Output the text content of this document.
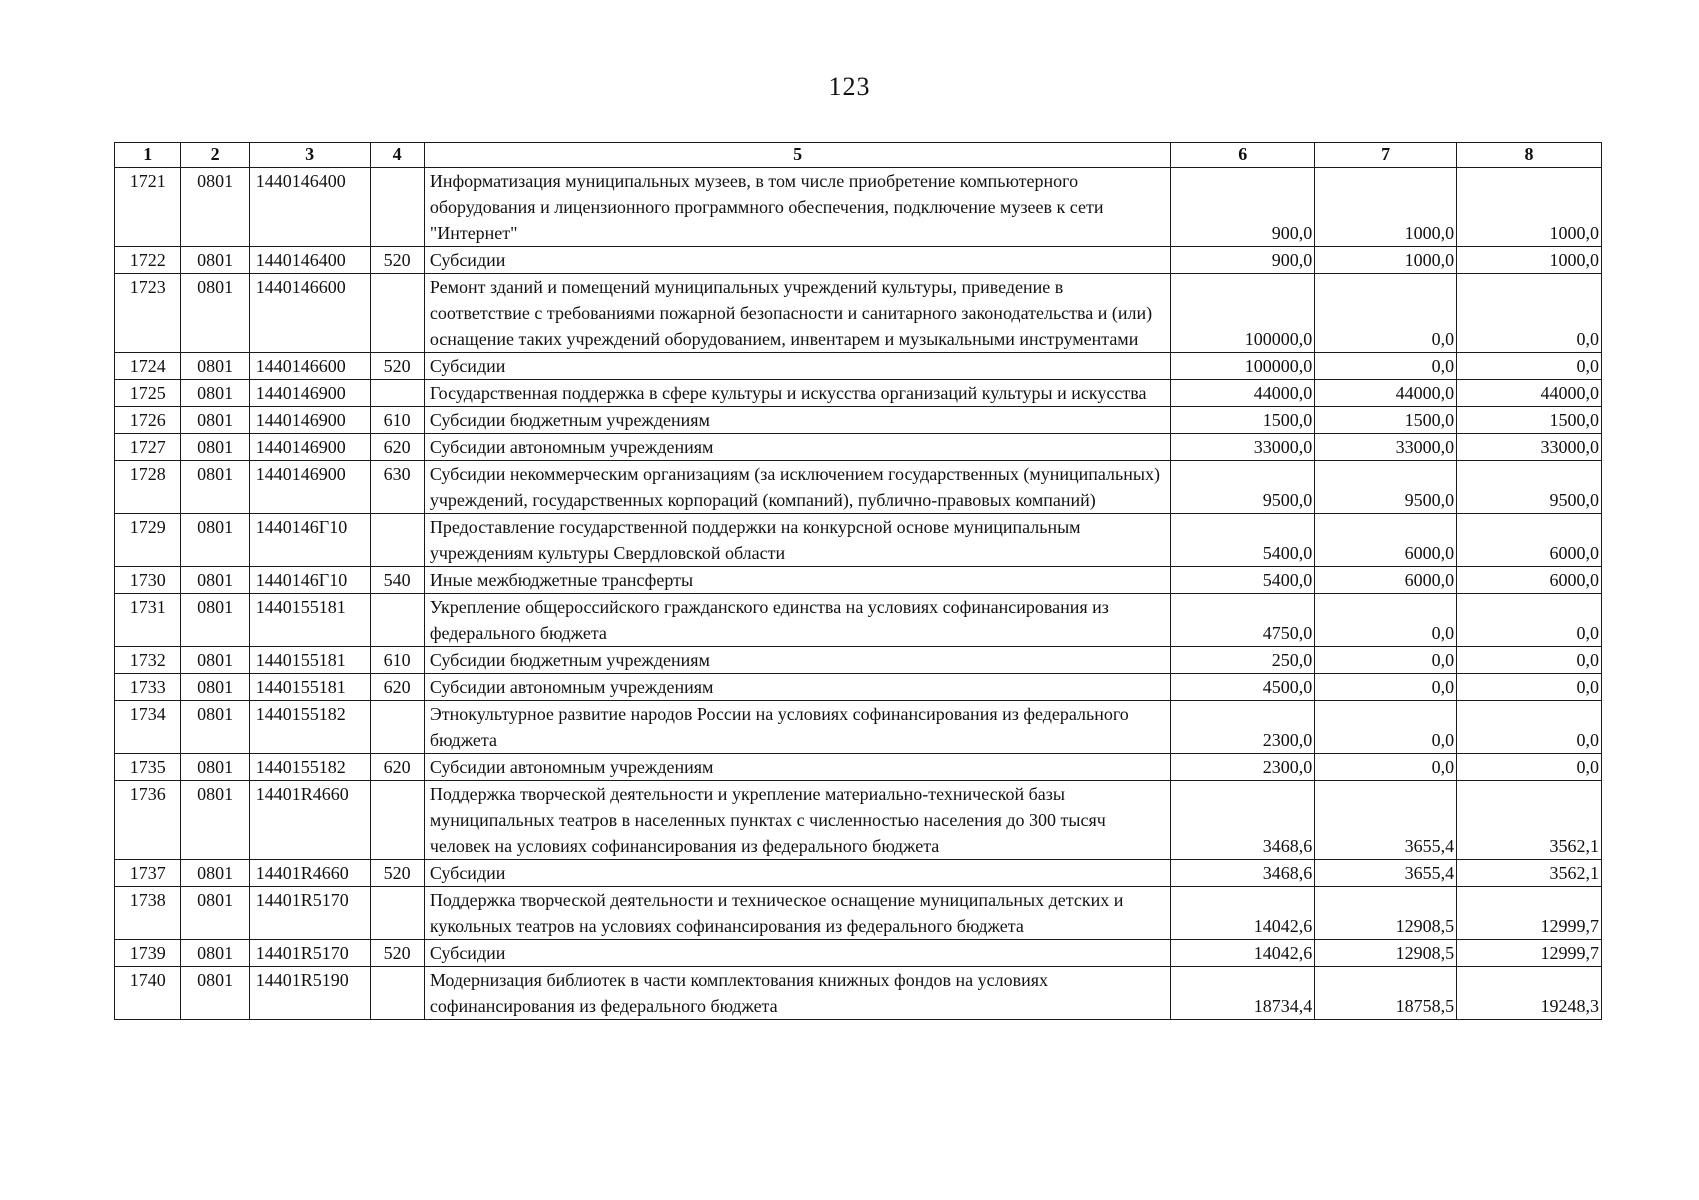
123
1	2	3	4	5	6	7	8
1721	0801	1440146400		Информатизация муниципальных музеев, в том числе приобретение компьютерного оборудования и лицензионного программного обеспечения, подключение музеев к сети "Интернет"	900,0	1000,0	1000,0
1722	0801	1440146400	520	Субсидии	900,0	1000,0	1000,0
1723	0801	1440146600		Ремонт зданий и помещений муниципальных учреждений культуры, приведение в соответствие с требованиями пожарной безопасности и санитарного законодательства и (или) оснащение таких учреждений оборудованием, инвентарем и музыкальными инструментами	100000,0	0,0	0,0
1724	0801	1440146600	520	Субсидии	100000,0	0,0	0,0
1725	0801	1440146900		Государственная поддержка в сфере культуры и искусства организаций культуры и искусства	44000,0	44000,0	44000,0
1726	0801	1440146900	610	Субсидии бюджетным учреждениям	1500,0	1500,0	1500,0
1727	0801	1440146900	620	Субсидии автономным учреждениям	33000,0	33000,0	33000,0
1728	0801	1440146900	630	Субсидии некоммерческим организациям (за исключением государственных (муниципальных) учреждений, государственных корпораций (компаний), публично-правовых компаний)	9500,0	9500,0	9500,0
1729	0801	1440146Г10		Предоставление государственной поддержки на конкурсной основе муниципальным учреждениям культуры Свердловской области	5400,0	6000,0	6000,0
1730	0801	1440146Г10	540	Иные межбюджетные трансферты	5400,0	6000,0	6000,0
1731	0801	1440155181		Укрепление общероссийского гражданского единства на условиях софинансирования из федерального бюджета	4750,0	0,0	0,0
1732	0801	1440155181	610	Субсидии бюджетным учреждениям	250,0	0,0	0,0
1733	0801	1440155181	620	Субсидии автономным учреждениям	4500,0	0,0	0,0
1734	0801	1440155182		Этнокультурное развитие народов России на условиях софинансирования из федерального бюджета	2300,0	0,0	0,0
1735	0801	1440155182	620	Субсидии автономным учреждениям	2300,0	0,0	0,0
1736	0801	14401R4660		Поддержка творческой деятельности и укрепление материально-технической базы муниципальных театров в населенных пунктах с численностью населения до 300 тысяч человек на условиях софинансирования из федерального бюджета	3468,6	3655,4	3562,1
1737	0801	14401R4660	520	Субсидии	3468,6	3655,4	3562,1
1738	0801	14401R5170		Поддержка творческой деятельности и техническое оснащение муниципальных детских и кукольных театров на условиях софинансирования из федерального бюджета	14042,6	12908,5	12999,7
1739	0801	14401R5170	520	Субсидии	14042,6	12908,5	12999,7
1740	0801	14401R5190		Модернизация библиотек в части комплектования книжных фондов на условиях софинансирования из федерального бюджета	18734,4	18758,5	19248,3
